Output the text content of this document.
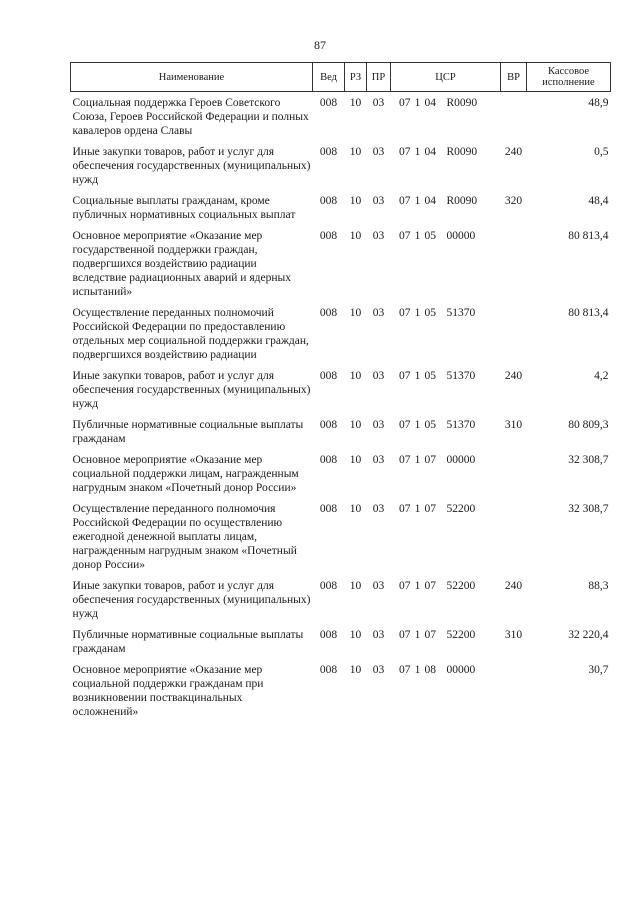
87
Наименование	Вед	РЗ	ПР	ЦСР	ВР	Кассовое исполнение
Социальная поддержка Героев Советского Союза, Героев Российской Федерации и полных кавалеров ордена Славы	008	10	03	07 1 04 R0090		48,9
Иные закупки товаров, работ и услуг для обеспечения государственных (муниципальных) нужд	008	10	03	07 1 04 R0090	240	0,5
Социальные выплаты гражданам, кроме публичных нормативных социальных выплат	008	10	03	07 1 04 R0090	320	48,4
Основное мероприятие «Оказание мер государственной поддержки граждан, подвергшихся воздействию радиации вследствие радиационных аварий и ядерных испытаний»	008	10	03	07 1 05 00000		80 813,4
Осуществление переданных полномочий Российской Федерации по предоставлению отдельных мер социальной поддержки граждан, подвергшихся воздействию радиации	008	10	03	07 1 05 51370		80 813,4
Иные закупки товаров, работ и услуг для обеспечения государственных (муниципальных) нужд	008	10	03	07 1 05 51370	240	4,2
Публичные нормативные социальные выплаты гражданам	008	10	03	07 1 05 51370	310	80 809,3
Основное мероприятие «Оказание мер социальной поддержки лицам, награжденным нагрудным знаком «Почетный донор России»	008	10	03	07 1 07 00000		32 308,7
Осуществление переданного полномочия Российской Федерации по осуществлению ежегодной денежной выплаты лицам, награжденным нагрудным знаком «Почетный донор России»	008	10	03	07 1 07 52200		32 308,7
Иные закупки товаров, работ и услуг для обеспечения государственных (муниципальных) нужд	008	10	03	07 1 07 52200	240	88,3
Публичные нормативные социальные выплаты гражданам	008	10	03	07 1 07 52200	310	32 220,4
Основное мероприятие «Оказание мер социальной поддержки гражданам при возникновении поствакцинальных осложнений»	008	10	03	07 1 08 00000		30,7
